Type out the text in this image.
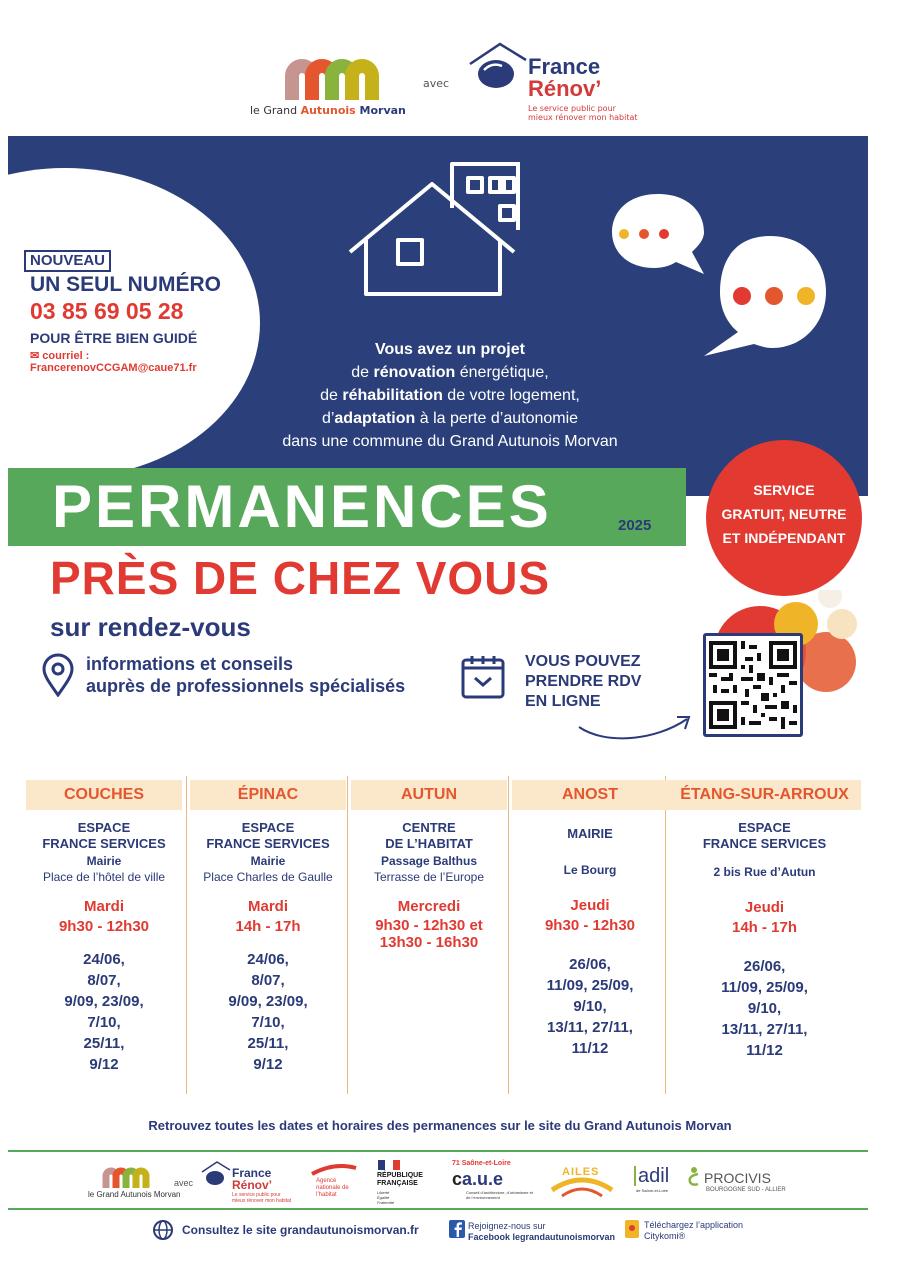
le Grand Autunois Morvan
avec
France
Rénov’
Le service public pour mieux rénover mon habitat
Vous avez un projet
de rénovation énergétique,
de réhabilitation de votre logement,
d’adaptation à la perte d’autonomie
dans une commune du Grand Autunois Morvan
NOUVEAU
UN SEUL NUMÉRO
03 85 69 05 28
POUR ÊTRE BIEN GUIDÉ
✉ courriel :
FrancerenovCCGAM@caue71.fr
PERMANENCES	2025
SERVICE
GRATUIT, NEUTRE
ET INDÉPENDANT
PRÈS DE CHEZ VOUS
sur rendez-vous
informations et conseils
auprès de professionnels spécialisés
VOUS POUVEZ
PRENDRE RDV
EN LIGNE
COUCHES
ESPACE
FRANCE SERVICES
Mairie
Place de l’hôtel de ville
Mardi
9h30 - 12h30
24/06,
8/07,
9/09, 23/09,
7/10,
25/11,
9/12
ÉPINAC
ESPACE
FRANCE SERVICES
Mairie
Place Charles de Gaulle
Mardi
14h - 17h
24/06,
8/07,
9/09, 23/09,
7/10,
25/11,
9/12
AUTUN
CENTRE
DE L’HABITAT
Passage Balthus
Terrasse de l’Europe
Mercredi
9h30 - 12h30 et
13h30 - 16h30
ANOST
MAIRIE
Le Bourg
Jeudi
9h30 - 12h30
26/06,
11/09, 25/09,
9/10,
13/11, 27/11,
11/12
ÉTANG-SUR-ARROUX
ESPACE
FRANCE SERVICES
2 bis Rue d’Autun
Jeudi
14h - 17h
26/06,
11/09, 25/09,
9/10,
13/11, 27/11,
11/12
Retrouvez toutes les dates et horaires des permanences sur le site du Grand Autunois Morvan
le Grand Autunois Morvan
avec
France
Rénov’
Le service public pour mieux rénover mon habitat
Agence
nationale de
l’habitat
RÉPUBLIQUE
FRANÇAISE
Liberté
Égalité
Fraternité
71 Saône-et-Loire
ca.u.e
Conseil d’architecture, d’urbanisme et de l’environnement
AILES adil
de Saône-et-Loire
PROCIVIS
BOURGOGNE SUD - ALLIER
Consultez le site grandautunoismorvan.fr	Rejoignez-nous sur
Facebook legrandautunoismorvan
Téléchargez l’application
Citykomi®
